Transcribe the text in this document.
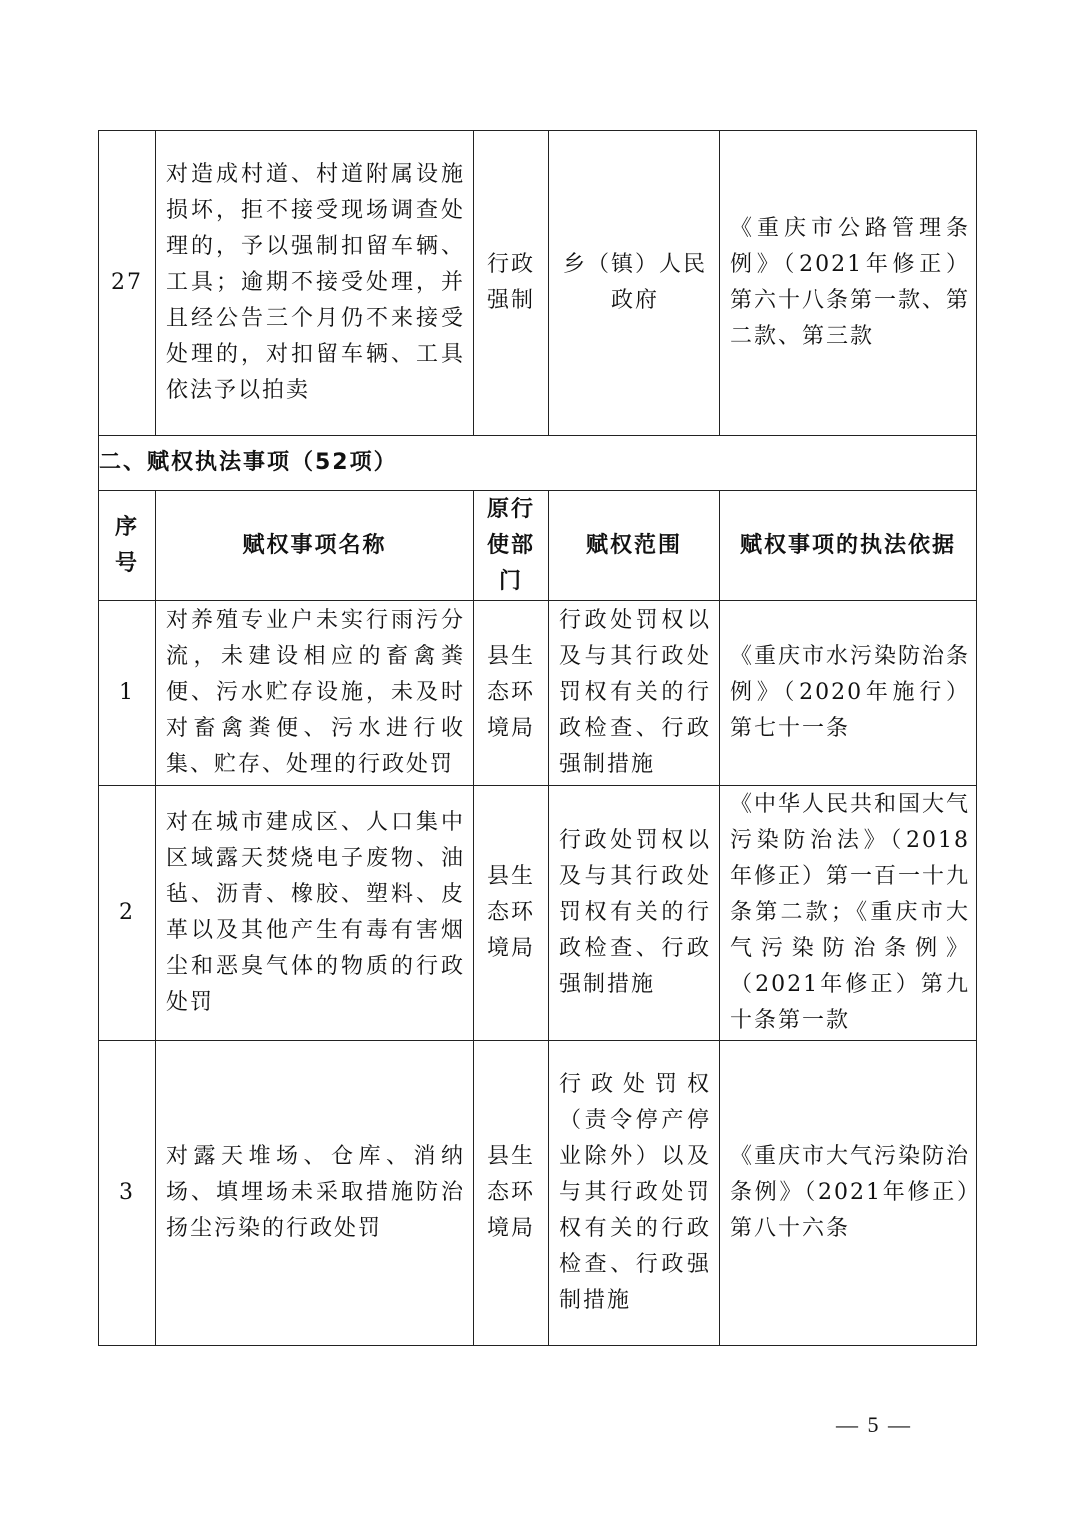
27	对造成村道、村道附属设施损坏，拒不接受现场调查处理的，予以强制扣留车辆、工具；逾期不接受处理，并且经公告三个月仍不来接受处理的，对扣留车辆、工具依法予以拍卖	行政强制	乡（镇）人民政府	《重庆市公路管理条例》（2021年修正）第六十八条第一款、第二款、第三款
二、赋权执法事项（52项）				
序号	赋权事项名称	原行使部门	赋权范围	赋权事项的执法依据
1	对养殖专业户未实行雨污分流，未建设相应的畜禽粪便、污水贮存设施，未及时对畜禽粪便、污水进行收集、贮存、处理的行政处罚	县生态环境局	行政处罚权以及与其行政处罚权有关的行政检查、行政强制措施	《重庆市水污染防治条例》（2020年施行）第七十一条
2	对在城市建成区、人口集中区域露天焚烧电子废物、油毡、沥青、橡胶、塑料、皮革以及其他产生有毒有害烟尘和恶臭气体的物质的行政处罚	县生态环境局	行政处罚权以及与其行政处罚权有关的行政检查、行政强制措施	《中华人民共和国大气污染防治法》（2018年修正）第一百一十九条第二款；《重庆市大气污染防治条例》（2021年修正）第九十条第一款
3	对露天堆场、仓库、消纳场、填埋场未采取措施防治扬尘污染的行政处罚	县生态环境局	行政处罚权（责令停产停业除外）以及与其行政处罚权有关的行政检查、行政强制措施	《重庆市大气污染防治条例》（2021年修正）第八十六条
— 5 —
